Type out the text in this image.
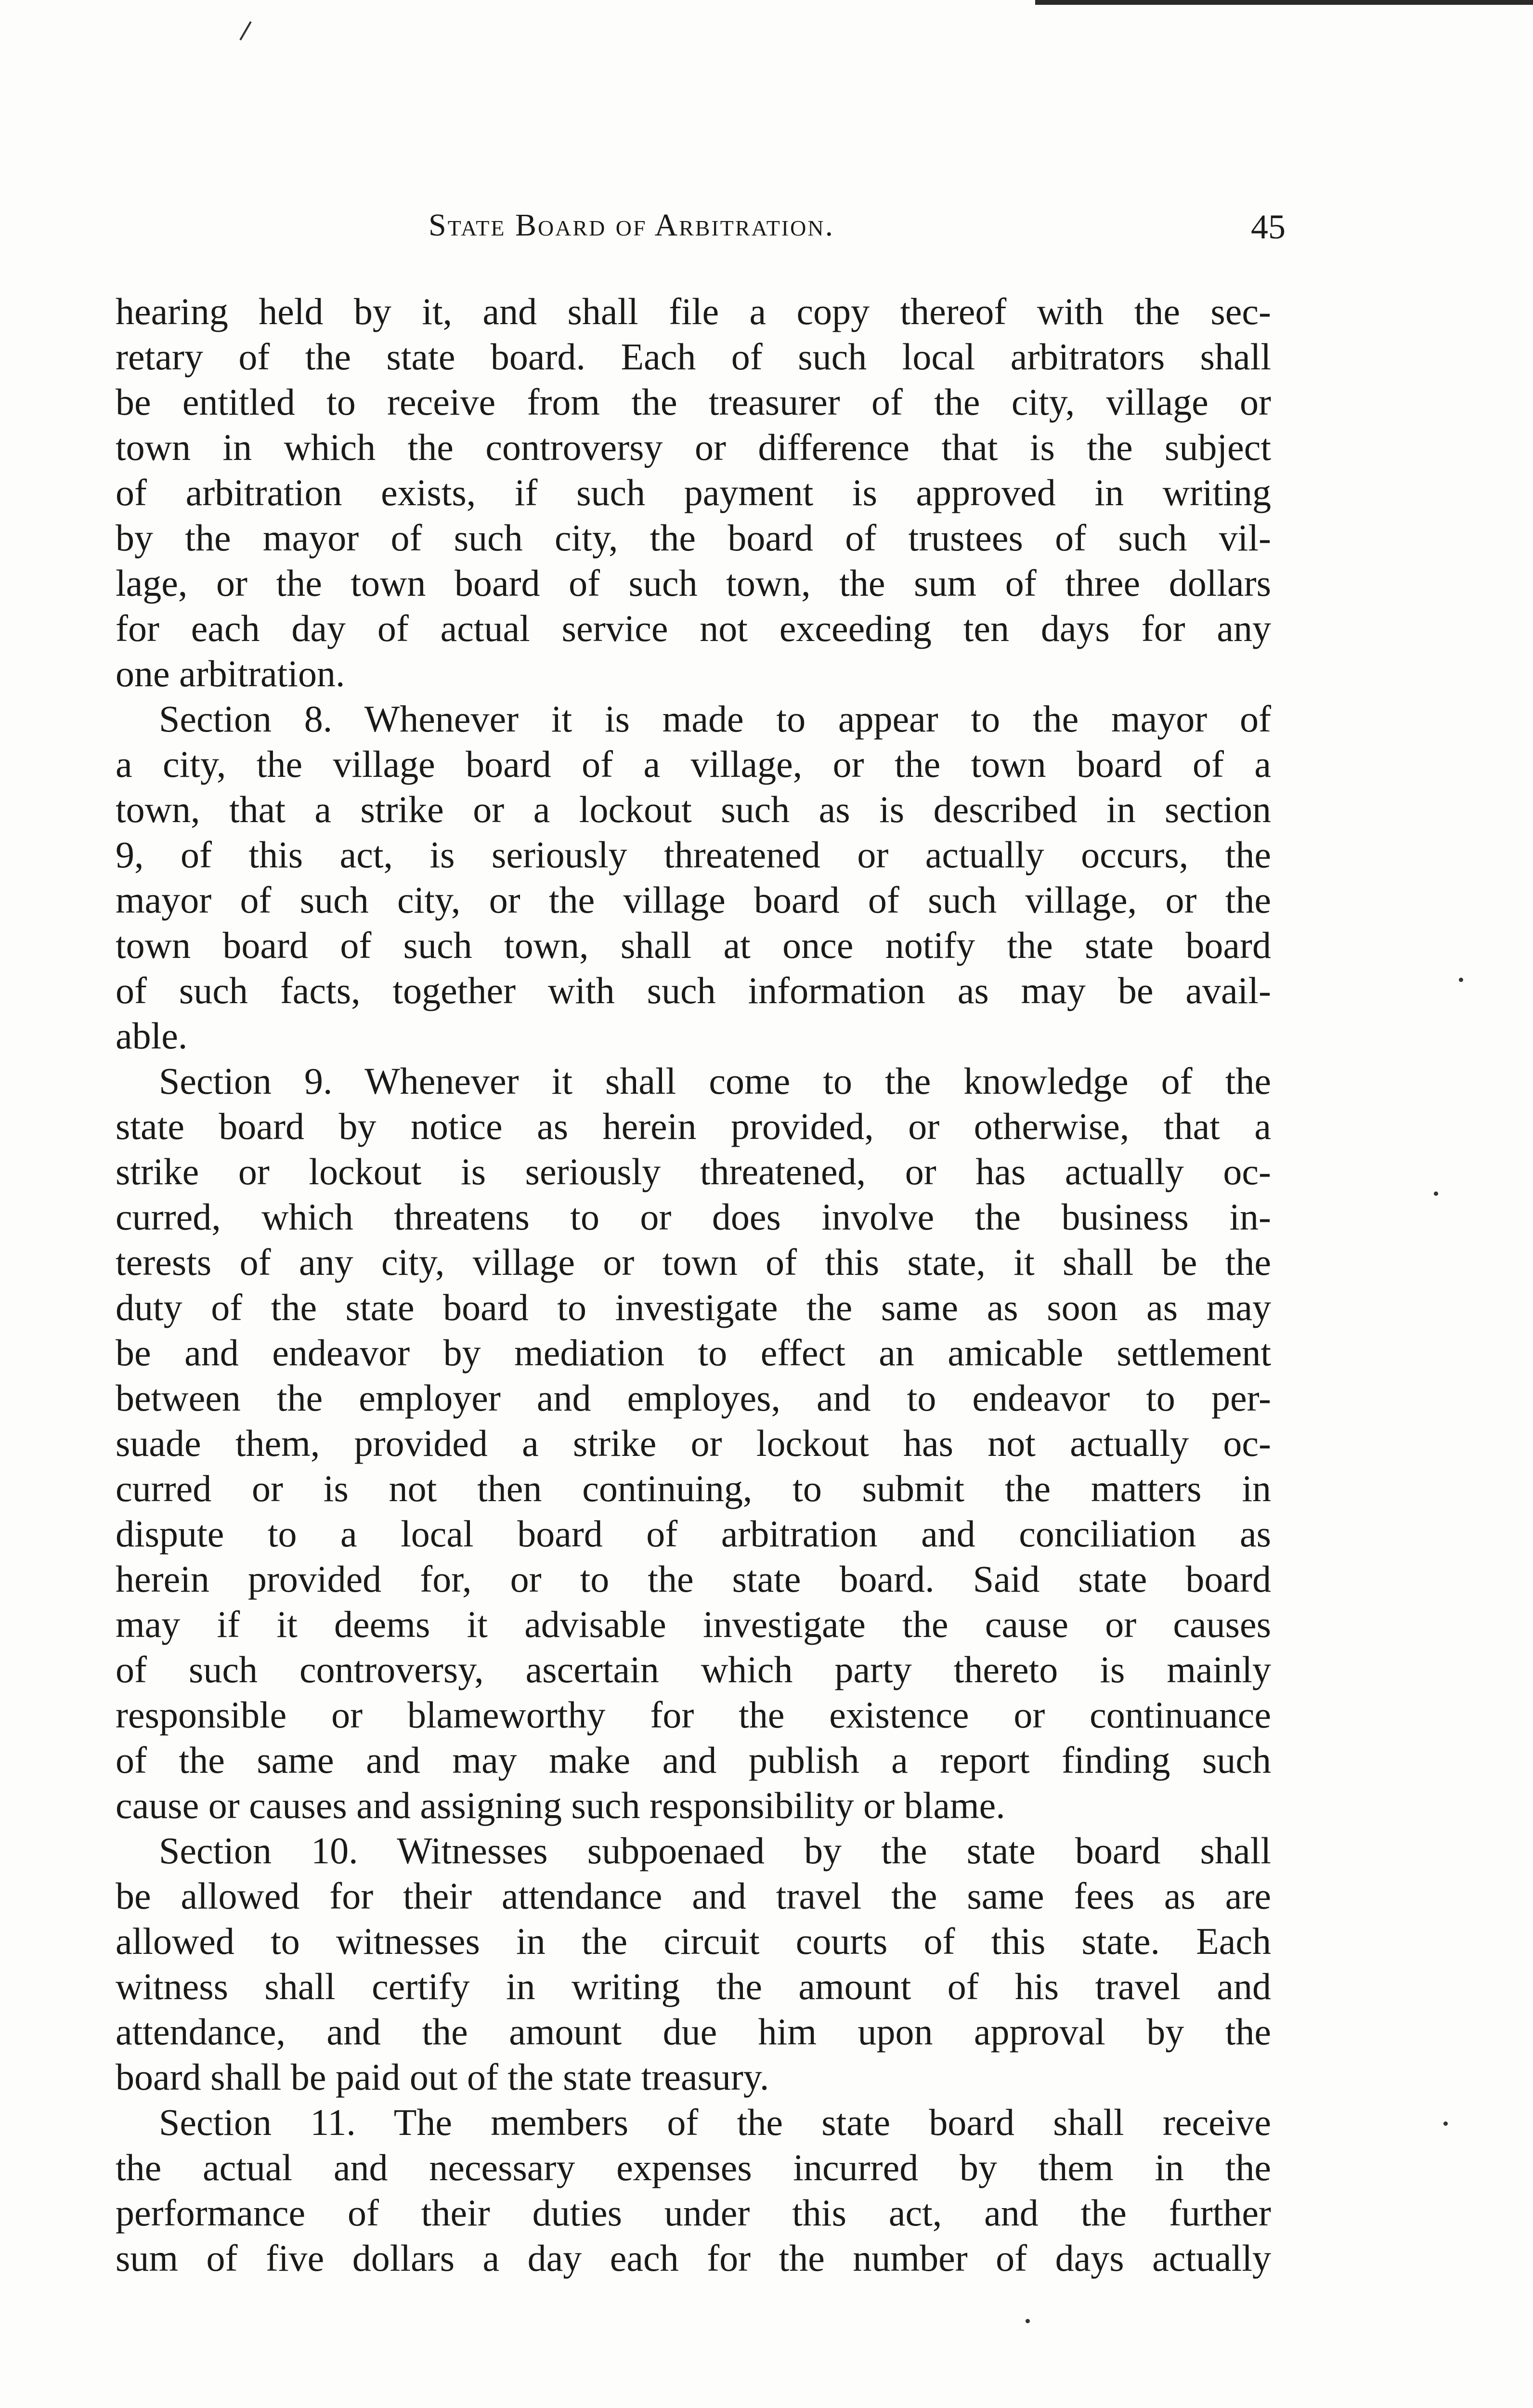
State Board of Arbitration.	45
hearing held by it, and shall file a copy thereof with the sec-
retary of the state board. Each of such local arbitrators shall
be entitled to receive from the treasurer of the city, village or
town in which the controversy or difference that is the subject
of arbitration exists, if such payment is approved in writing
by the mayor of such city, the board of trustees of such vil-
lage, or the town board of such town, the sum of three dollars
for each day of actual service not exceeding ten days for any
one arbitration.
Section 8. Whenever it is made to appear to the mayor of
a city, the village board of a village, or the town board of a
town, that a strike or a lockout such as is described in section
9, of this act, is seriously threatened or actually occurs, the
mayor of such city, or the village board of such village, or the
town board of such town, shall at once notify the state board
of such facts, together with such information as may be avail-
able.
Section 9. Whenever it shall come to the knowledge of the
state board by notice as herein provided, or otherwise, that a
strike or lockout is seriously threatened, or has actually oc-
curred, which threatens to or does involve the business in-
terests of any city, village or town of this state, it shall be the
duty of the state board to investigate the same as soon as may
be and endeavor by mediation to effect an amicable settlement
between the employer and employes, and to endeavor to per-
suade them, provided a strike or lockout has not actually oc-
curred or is not then continuing, to submit the matters in
dispute to a local board of arbitration and conciliation as
herein provided for, or to the state board. Said state board
may if it deems it advisable investigate the cause or causes
of such controversy, ascertain which party thereto is mainly
responsible or blameworthy for the existence or continuance
of the same and may make and publish a report finding such
cause or causes and assigning such responsibility or blame.
Section 10. Witnesses subpoenaed by the state board shall
be allowed for their attendance and travel the same fees as are
allowed to witnesses in the circuit courts of this state. Each
witness shall certify in writing the amount of his travel and
attendance, and the amount due him upon approval by the
board shall be paid out of the state treasury.
Section 11. The members of the state board shall receive
the actual and necessary expenses incurred by them in the
performance of their duties under this act, and the further
sum of five dollars a day each for the number of days actually
